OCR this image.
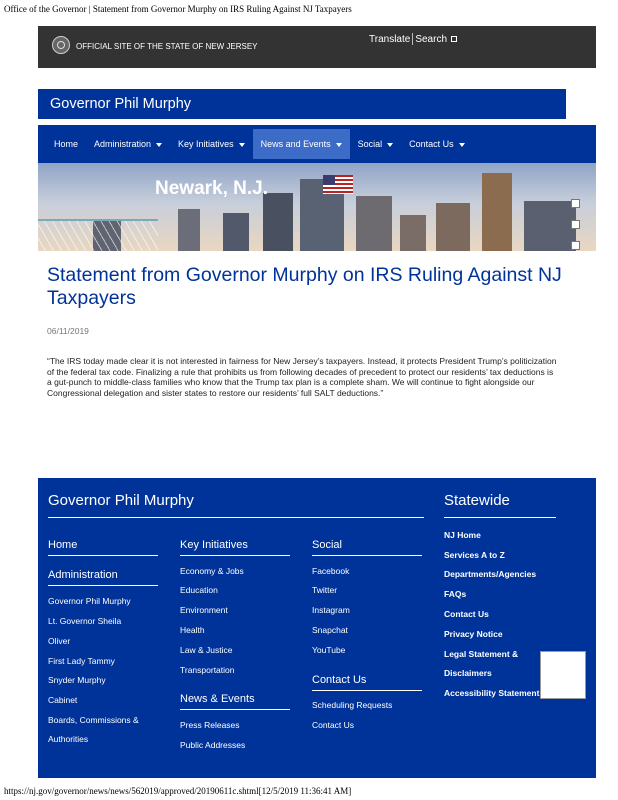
Office of the Governor | Statement from Governor Murphy on IRS Ruling Against NJ Taxpayers
OFFICIAL SITE OF THE STATE OF NEW JERSEY
Translate Search
Governor Phil Murphy
Home	Administration	Key Initiatives	News and Events	Social	Contact Us
Newark, N.J.
Statement from Governor Murphy on IRS Ruling Against NJ Taxpayers
06/11/2019

“The IRS today made clear it is not interested in fairness for New Jersey’s taxpayers. Instead, it protects President Trump’s politicization of the federal tax code. Finalizing a rule that prohibits us from following decades of precedent to protect our residents’ tax deductions is a gut-punch to middle-class families who know that the Trump tax plan is a complete sham. We will continue to fight alongside our Congressional delegation and sister states to restore our residents’ full SALT deductions.”

Governor Phil Murphy
Home
Administration
Governor Phil Murphy
Lt. Governor Sheila
Oliver
First Lady Tammy
Snyder Murphy
Cabinet
Boards, Commissions &
Authorities
Key Initiatives
Economy & Jobs
Education
Environment
Health
Law & Justice
Transportation
News & Events
Press Releases
Public Addresses
Social
Facebook
Twitter
Instagram
Snapchat
YouTube
Contact Us
Scheduling Requests
Contact Us
Statewide
NJ Home
Services A to Z
Departments/Agencies
FAQs
Contact Us
Privacy Notice
Legal Statement &
Disclaimers
Accessibility Statement
https://nj.gov/governor/news/news/562019/approved/20190611c.shtml[12/5/2019 11:36:41 AM]
